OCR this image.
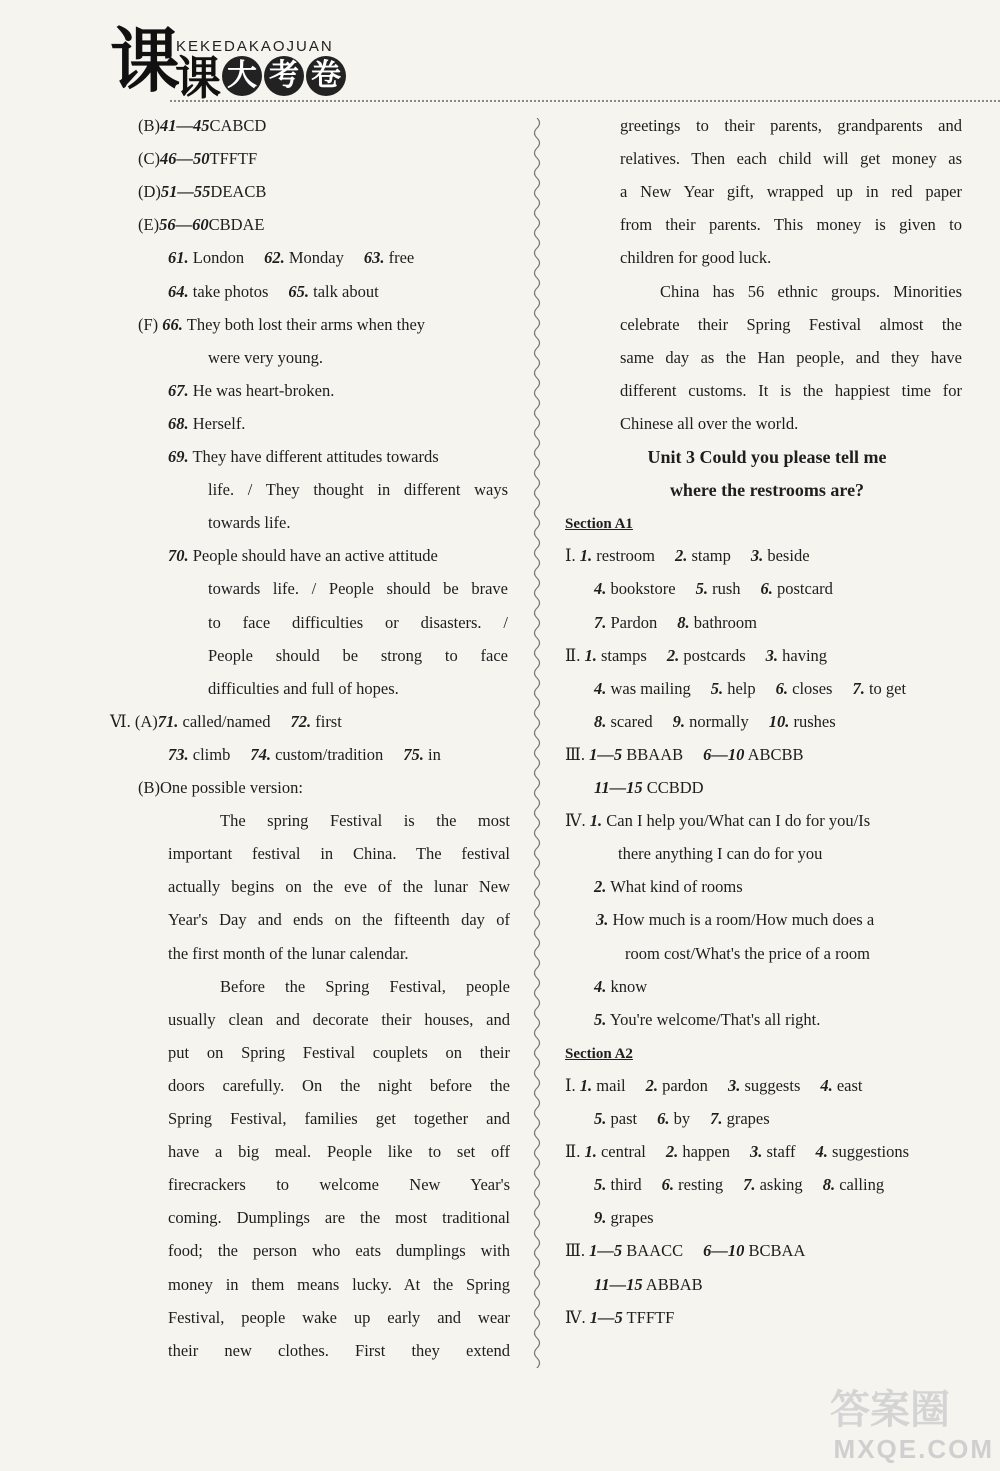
课
课
KEKEDAKAOJUAN
大 考 卷
(B)41—45CABCD
(C)46—50TFFTF
(D)51—55DEACB
(E)56—60CBDAE
61. London 62. Monday 63. free
64. take photos 65. talk about
(F) 66. They both lost their arms when they
were very young.
67. He was heart-broken.
68. Herself.
69. They have different attitudes towards
life. / They thought in different ways
towards life.
70. People should have an active attitude
towards life. / People should be brave
to face difficulties or disasters. /
People should be strong to face
difficulties and full of hopes.
Ⅵ. (A)71. called/named 72. first
73. climb 74. custom/tradition 75. in
(B)One possible version:
The spring Festival is the most
important festival in China. The festival
actually begins on the eve of the lunar New
Year's Day and ends on the fifteenth day of
the first month of the lunar calendar.
Before the Spring Festival, people
usually clean and decorate their houses, and
put on Spring Festival couplets on their
doors carefully. On the night before the
Spring Festival, families get together and
have a big meal. People like to set off
firecrackers to welcome New Year's
coming. Dumplings are the most traditional
food; the person who eats dumplings with
money in them means lucky. At the Spring
Festival, people wake up early and wear
their new clothes. First they extend
greetings to their parents, grandparents and
relatives. Then each child will get money as
a New Year gift, wrapped up in red paper
from their parents. This money is given to
children for good luck.
China has 56 ethnic groups. Minorities
celebrate their Spring Festival almost the
same day as the Han people, and they have
different customs. It is the happiest time for
Chinese all over the world.
Unit 3 Could you please tell me
where the restrooms are?
Section A1
Ⅰ. 1. restroom 2. stamp 3. beside
4. bookstore 5. rush 6. postcard
7. Pardon 8. bathroom
Ⅱ. 1. stamps 2. postcards 3. having
4. was mailing 5. help 6. closes 7. to get
8. scared 9. normally 10. rushes
Ⅲ. 1—5 BBAAB 6—10 ABCBB
11—15 CCBDD
Ⅳ. 1. Can I help you/What can I do for you/Is
there anything I can do for you
2. What kind of rooms
3. How much is a room/How much does a
room cost/What's the price of a room
4. know
5. You're welcome/That's all right.
Section A2
Ⅰ. 1. mail 2. pardon 3. suggests 4. east
5. past 6. by 7. grapes
Ⅱ. 1. central 2. happen 3. staff 4. suggestions
5. third 6. resting 7. asking 8. calling
9. grapes
Ⅲ. 1—5 BAACC 6—10 BCBAA
11—15 ABBAB
Ⅳ. 1—5 TFFTF
答案圈
MXQE.COM
